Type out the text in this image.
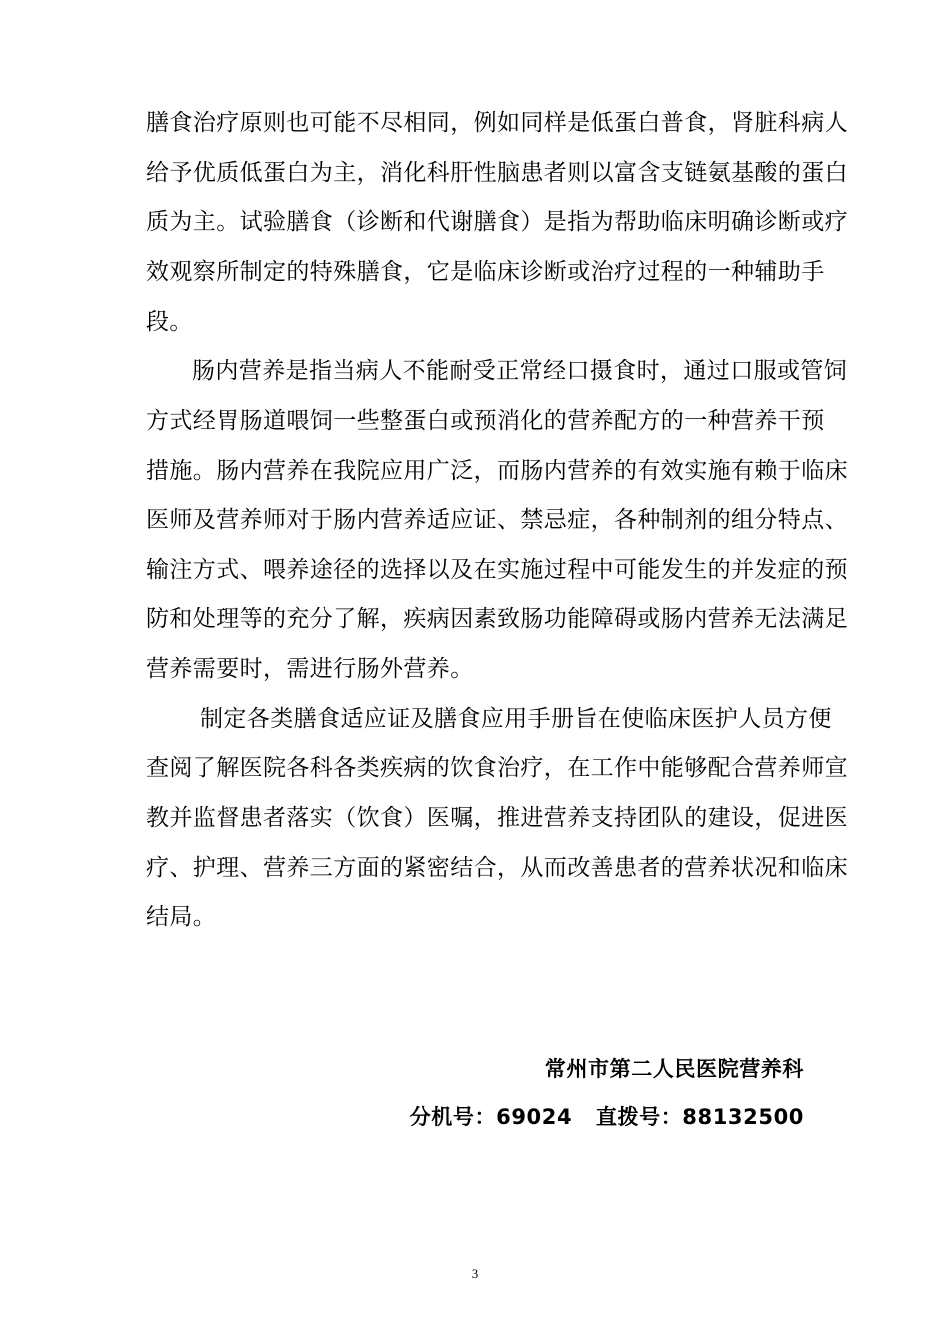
膳食治疗原则也可能不尽相同，例如同样是低蛋白普食，肾脏科病人
给予优质低蛋白为主，消化科肝性脑患者则以富含支链氨基酸的蛋白
质为主。试验膳食（诊断和代谢膳食）是指为帮助临床明确诊断或疗
效观察所制定的特殊膳食，它是临床诊断或治疗过程的一种辅助手
段。
肠内营养是指当病人不能耐受正常经口摄食时，通过口服或管饲
方式经胃肠道喂饲一些整蛋白或预消化的营养配方的一种营养干预
措施。肠内营养在我院应用广泛，而肠内营养的有效实施有赖于临床
医师及营养师对于肠内营养适应证、禁忌症，各种制剂的组分特点、
输注方式、喂养途径的选择以及在实施过程中可能发生的并发症的预
防和处理等的充分了解，疾病因素致肠功能障碍或肠内营养无法满足
营养需要时，需进行肠外营养。
制定各类膳食适应证及膳食应用手册旨在使临床医护人员方便
查阅了解医院各科各类疾病的饮食治疗，在工作中能够配合营养师宣
教并监督患者落实（饮食）医嘱，推进营养支持团队的建设，促进医
疗、护理、营养三方面的紧密结合，从而改善患者的营养状况和临床
结局。
常州市第二人民医院营养科
分机号：69024   直拨号：88132500
3
